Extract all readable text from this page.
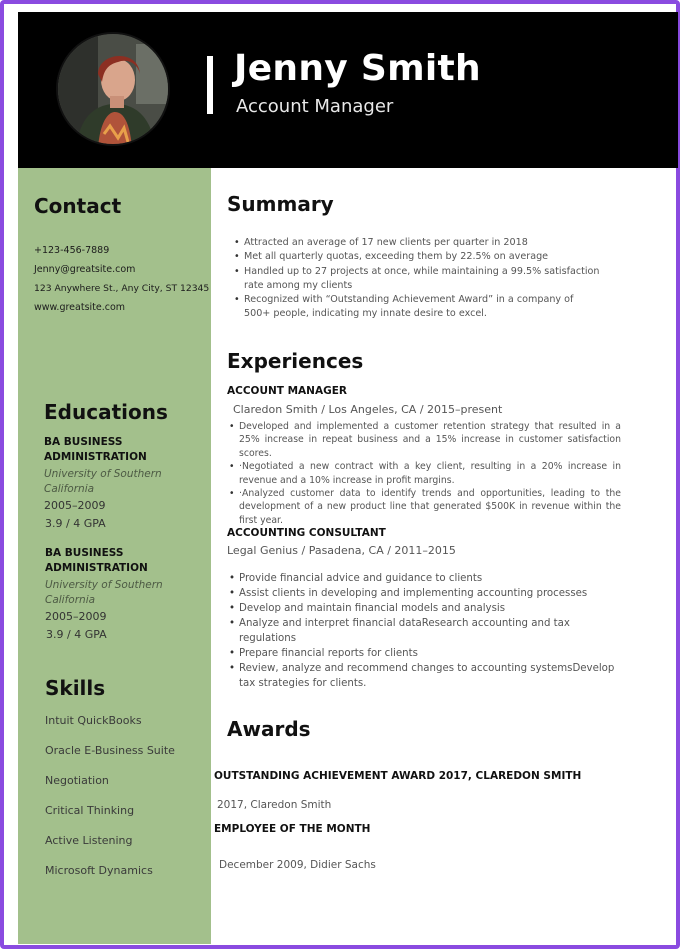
Jenny Smith
Account Manager
Contact
+123-456-7889
Jenny@greatsite.com
123 Anywhere St., Any City, ST 12345
www.greatsite.com
Educations
BA BUSINESS ADMINISTRATION
University of Southern California
2005–2009
3.9 / 4 GPA
BA BUSINESS ADMINISTRATION
University of Southern California
2005–2009
3.9 / 4 GPA
Skills
Intuit QuickBooks
Oracle E-Business Suite
Negotiation
Critical Thinking
Active Listening
Microsoft Dynamics
Summary
• Attracted an average of 17 new clients per quarter in 2018
• Met all quarterly quotas, exceeding them by 22.5% on average
• Handled up to 27 projects at once, while maintaining a 99.5% satisfaction rate among my clients
• Recognized with “Outstanding Achievement Award” in a company of 500+ people, indicating my innate desire to excel.
Experiences
ACCOUNT MANAGER
Claredon Smith / Los Angeles, CA / 2015–present
• Developed and implemented a customer retention strategy that resulted in a 25% increase in repeat business and a 15% increase in customer satisfaction scores.
• ·Negotiated a new contract with a key client, resulting in a 20% increase in revenue and a 10% increase in profit margins.
• ·Analyzed customer data to identify trends and opportunities, leading to the development of a new product line that generated $500K in revenue within the first year.
ACCOUNTING CONSULTANT
Legal Genius / Pasadena, CA / 2011–2015
• Provide financial advice and guidance to clients
• Assist clients in developing and implementing accounting processes
• Develop and maintain financial models and analysis
• Analyze and interpret financial dataResearch accounting and tax regulations
• Prepare financial reports for clients
• Review, analyze and recommend changes to accounting systemsDevelop tax strategies for clients.
Awards
OUTSTANDING ACHIEVEMENT AWARD 2017, CLAREDON SMITH
2017, Claredon Smith
EMPLOYEE OF THE MONTH
December 2009, Didier Sachs
